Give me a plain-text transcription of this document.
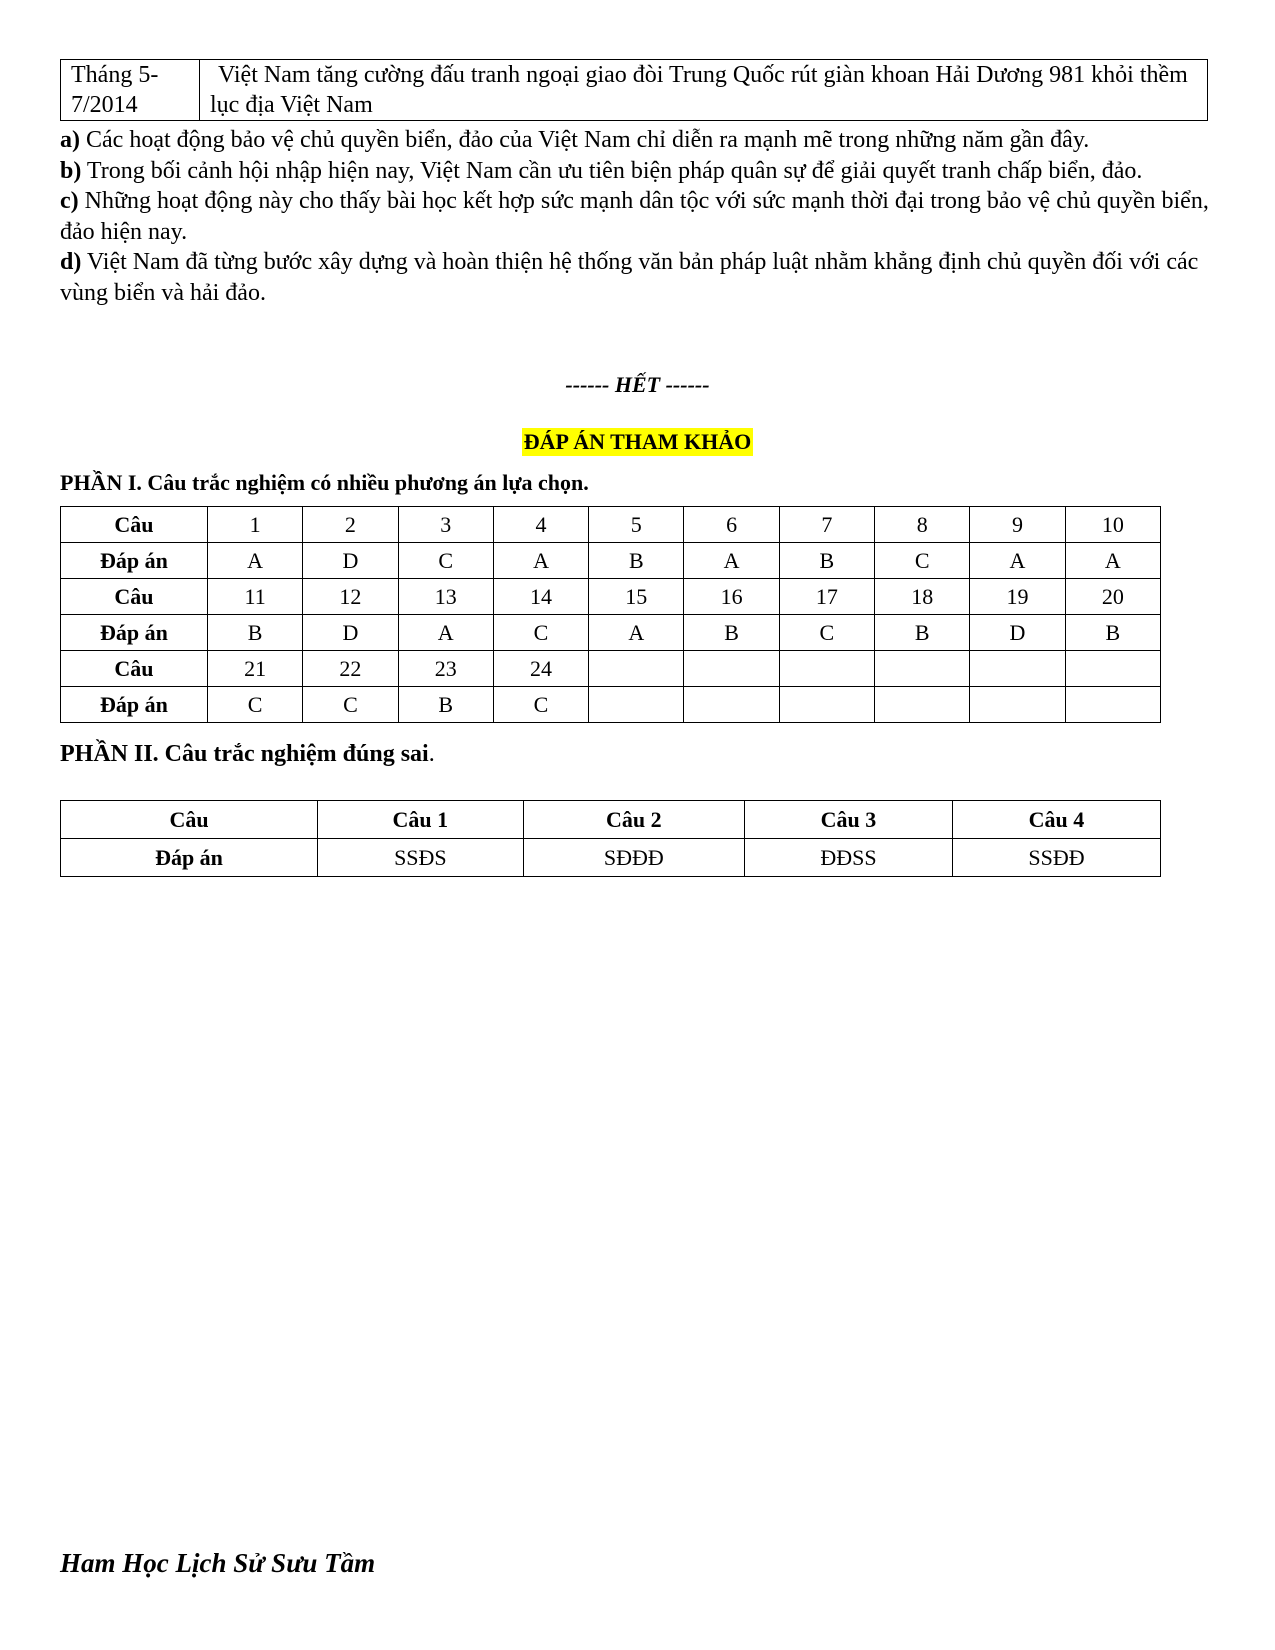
Tháng 5-7/2014	Việt Nam tăng cường đấu tranh ngoại giao đòi Trung Quốc rút giàn khoan Hải Dương 981 khỏi thềm lục địa Việt Nam

a) Các hoạt động bảo vệ chủ quyền biển, đảo của Việt Nam chỉ diễn ra mạnh mẽ trong những năm gần đây.

b) Trong bối cảnh hội nhập hiện nay, Việt Nam cần ưu tiên biện pháp quân sự để giải quyết tranh chấp biển, đảo.

c) Những hoạt động này cho thấy bài học kết hợp sức mạnh dân tộc với sức mạnh thời đại trong bảo vệ chủ quyền biển, đảo hiện nay.

d) Việt Nam đã từng bước xây dựng và hoàn thiện hệ thống văn bản pháp luật nhằm khẳng định chủ quyền đối với các vùng biển và hải đảo.

------ HẾT ------
ĐÁP ÁN THAM KHẢO
PHẦN I. Câu trắc nghiệm có nhiều phương án lựa chọn.
Câu	1	2	3	4	5	6	7	8	9	10
Đáp án	A	D	C	A	B	A	B	C	A	A
Câu	11	12	13	14	15	16	17	18	19	20
Đáp án	B	D	A	C	A	B	C	B	D	B
Câu	21	22	23	24						
Đáp án	C	C	B	C						
PHẦN II. Câu trắc nghiệm đúng sai.
Câu	Câu 1	Câu 2	Câu 3	Câu 4
Đáp án	SSĐS	SĐĐĐ	ĐĐSS	SSĐĐ
Ham Học Lịch Sử Sưu Tầm
